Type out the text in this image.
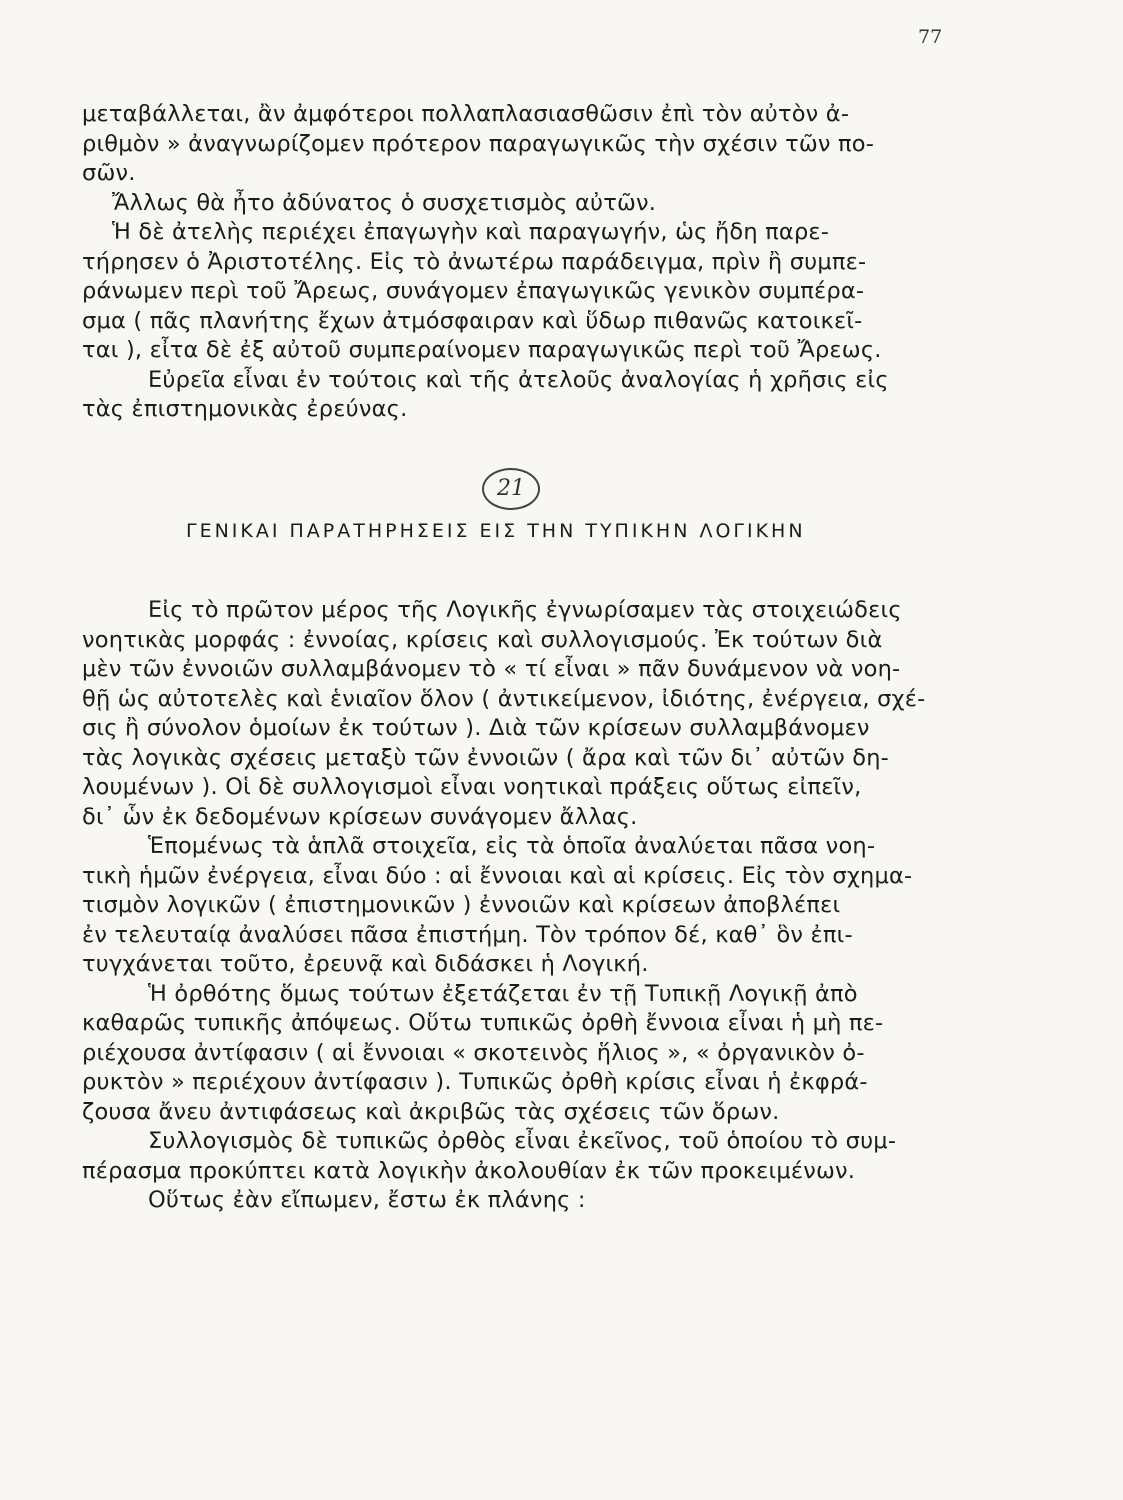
77
μεταβάλλεται, ἂν ἀμφότεροι πολλαπλασιασθῶσιν ἐπὶ τὸν αὐτὸν ἀ-
ριθμὸν » ἀναγνωρίζομεν πρότερον παραγωγικῶς τὴν σχέσιν τῶν πο-
σῶν.
Ἄλλως θὰ ἦτο ἀδύνατος ὁ συσχετισμὸς αὐτῶν.
Ἡ δὲ ἀτελὴς περιέχει ἐπαγωγὴν καὶ παραγωγήν, ὡς ἤδη παρε-
τήρησεν ὁ Ἀριστοτέλης. Εἰς τὸ ἀνωτέρω παράδειγμα, πρὶν ἢ συμπε-
ράνωμεν περὶ τοῦ Ἄρεως, συνάγομεν ἐπαγωγικῶς γενικὸν συμπέρα-
σμα ( πᾶς πλανήτης ἔχων ἀτμόσφαιραν καὶ ὕδωρ πιθανῶς κατοικεῖ-
ται ), εἶτα δὲ ἐξ αὐτοῦ συμπεραίνομεν παραγωγικῶς περὶ τοῦ Ἄρεως.
Εὐρεῖα εἶναι ἐν τούτοις καὶ τῆς ἀτελοῦς ἀναλογίας ἡ χρῆσις εἰς
τὰς ἐπιστημονικὰς ἐρεύνας.
21
ΓΕΝΙΚΑΙ ΠΑΡΑΤΗΡΗΣΕΙΣ ΕΙΣ ΤΗΝ ΤΥΠΙΚΗΝ ΛΟΓΙΚΗΝ
Εἰς τὸ πρῶτον μέρος τῆς Λογικῆς ἐγνωρίσαμεν τὰς στοιχειώδεις
νοητικὰς μορφάς : ἐννοίας, κρίσεις καὶ συλλογισμούς. Ἐκ τούτων διὰ
μὲν τῶν ἐννοιῶν συλλαμβάνομεν τὸ « τί εἶναι » πᾶν δυνάμενον νὰ νοη-
θῇ ὡς αὐτοτελὲς καὶ ἑνιαῖον ὅλον ( ἀντικείμενον, ἰδιότης, ἐνέργεια, σχέ-
σις ἢ σύνολον ὁμοίων ἐκ τούτων ). Διὰ τῶν κρίσεων συλλαμβάνομεν
τὰς λογικὰς σχέσεις μεταξὺ τῶν ἐννοιῶν ( ἄρα καὶ τῶν δι᾽ αὐτῶν δη-
λουμένων ). Οἱ δὲ συλλογισμοὶ εἶναι νοητικαὶ πράξεις οὕτως εἰπεῖν,
δι᾽ ὧν ἐκ δεδομένων κρίσεων συνάγομεν ἄλλας.
Ἑπομένως τὰ ἁπλᾶ στοιχεῖα, εἰς τὰ ὁποῖα ἀναλύεται πᾶσα νοη-
τικὴ ἡμῶν ἐνέργεια, εἶναι δύο : αἱ ἔννοιαι καὶ αἱ κρίσεις. Εἰς τὸν σχημα-
τισμὸν λογικῶν ( ἐπιστημονικῶν ) ἐννοιῶν καὶ κρίσεων ἀποβλέπει
ἐν τελευταίᾳ ἀναλύσει πᾶσα ἐπιστήμη. Τὸν τρόπον δέ, καθ᾽ ὃν ἐπι-
τυγχάνεται τοῦτο, ἐρευνᾷ καὶ διδάσκει ἡ Λογική.
Ἡ ὀρθότης ὅμως τούτων ἐξετάζεται ἐν τῇ Τυπικῇ Λογικῇ ἀπὸ
καθαρῶς τυπικῆς ἀπόψεως. Οὕτω τυπικῶς ὀρθὴ ἔννοια εἶναι ἡ μὴ πε-
ριέχουσα ἀντίφασιν ( αἱ ἔννοιαι « σκοτεινὸς ἥλιος », « ὀργανικὸν ὀ-
ρυκτὸν » περιέχουν ἀντίφασιν ). Τυπικῶς ὀρθὴ κρίσις εἶναι ἡ ἐκφρά-
ζουσα ἄνευ ἀντιφάσεως καὶ ἀκριβῶς τὰς σχέσεις τῶν ὅρων.
Συλλογισμὸς δὲ τυπικῶς ὀρθὸς εἶναι ἐκεῖνος, τοῦ ὁποίου τὸ συμ-
πέρασμα προκύπτει κατὰ λογικὴν ἀκολουθίαν ἐκ τῶν προκειμένων.
Οὕτως ἐὰν εἴπωμεν, ἔστω ἐκ πλάνης :
